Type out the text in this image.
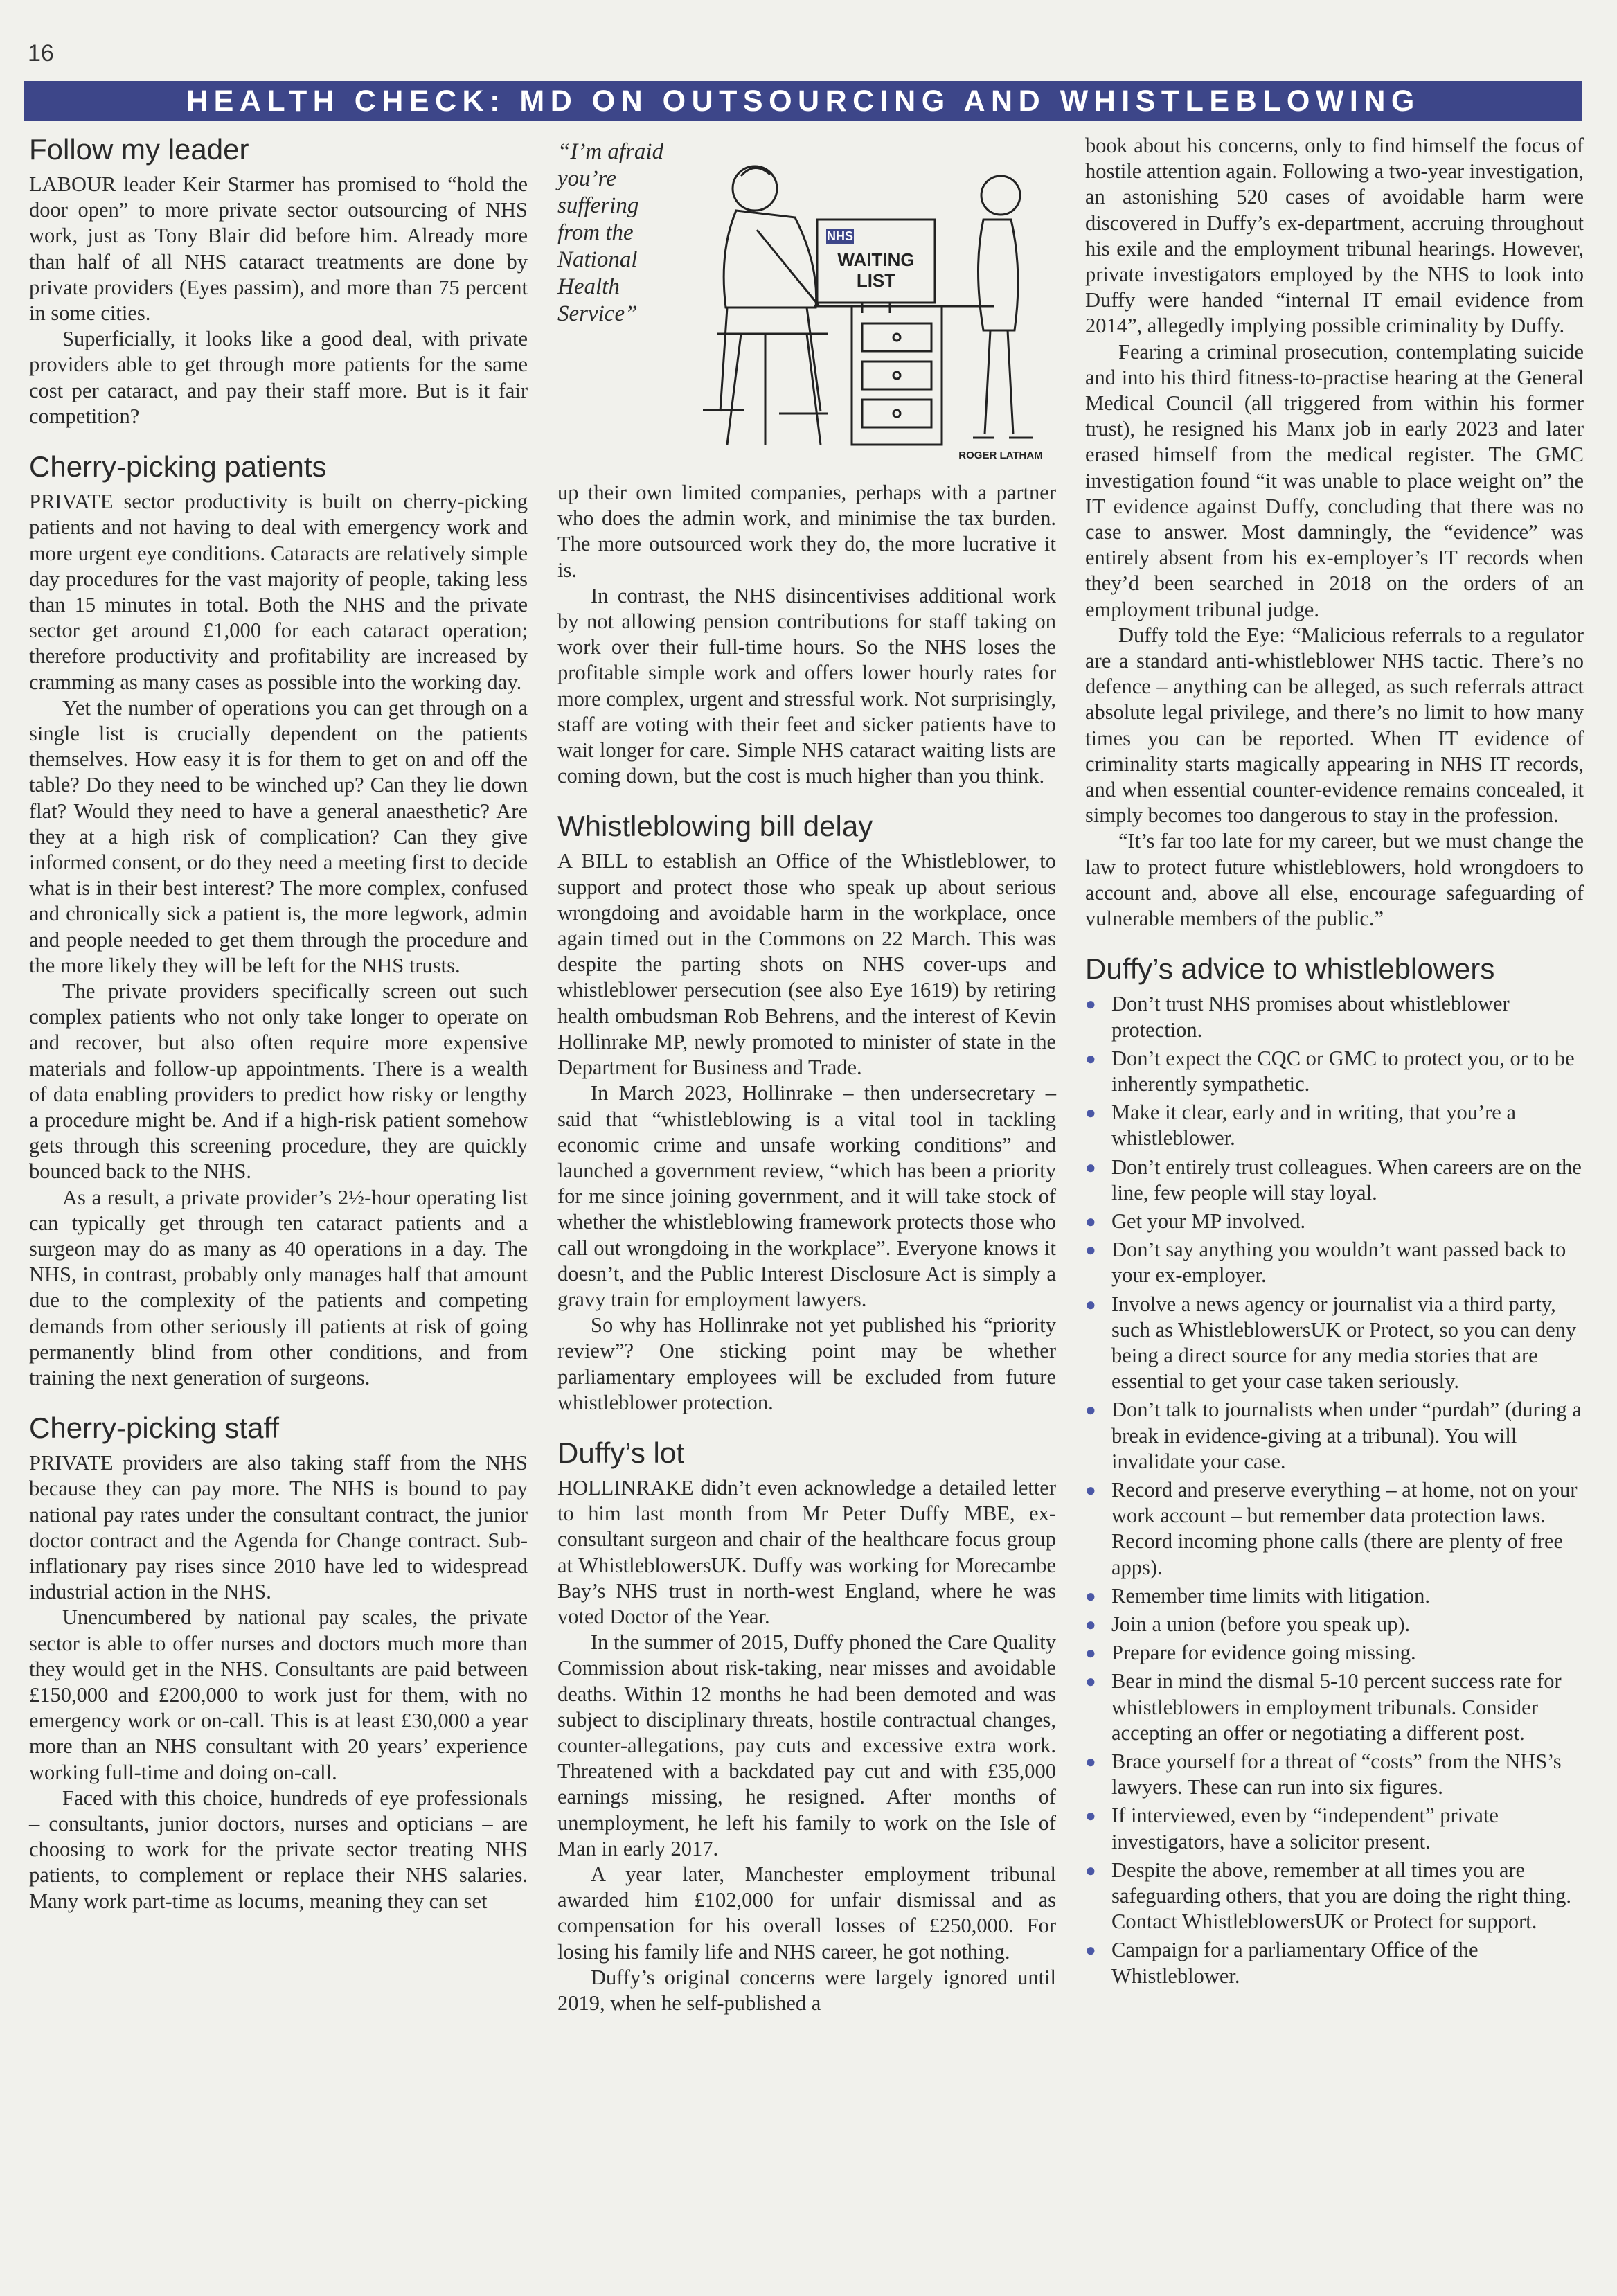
16
HEALTH CHECK: MD ON OUTSOURCING AND WHISTLEBLOWING
Follow my leader

LABOUR leader Keir Starmer has promised to “hold the door open” to more private sector outsourcing of NHS work, just as Tony Blair did before him. Already more than half of all NHS cataract treatments are done by private providers (Eyes passim), and more than 75 percent in some cities.

Superficially, it looks like a good deal, with private providers able to get through more patients for the same cost per cataract, and pay their staff more. But is it fair competition?

Cherry-picking patients

PRIVATE sector productivity is built on cherry-picking patients and not having to deal with emergency work and more urgent eye conditions. Cataracts are relatively simple day procedures for the vast majority of people, taking less than 15 minutes in total. Both the NHS and the private sector get around £1,000 for each cataract operation; therefore productivity and profitability are increased by cramming as many cases as possible into the working day.

Yet the number of operations you can get through on a single list is crucially dependent on the patients themselves. How easy it is for them to get on and off the table? Do they need to be winched up? Can they lie down flat? Would they need to have a general anaesthetic? Are they at a high risk of complication? Can they give informed consent, or do they need a meeting first to decide what is in their best interest? The more complex, confused and chronically sick a patient is, the more legwork, admin and people needed to get them through the procedure and the more likely they will be left for the NHS trusts.

The private providers specifically screen out such complex patients who not only take longer to operate on and recover, but also often require more expensive materials and follow-up appointments. There is a wealth of data enabling providers to predict how risky or lengthy a procedure might be. And if a high-risk patient somehow gets through this screening procedure, they are quickly bounced back to the NHS.

As a result, a private provider’s 2½-hour operating list can typically get through ten cataract patients and a surgeon may do as many as 40 operations in a day. The NHS, in contrast, probably only manages half that amount due to the complexity of the patients and competing demands from other seriously ill patients at risk of going permanently blind from other conditions, and from training the next generation of surgeons.

Cherry-picking staff

PRIVATE providers are also taking staff from the NHS because they can pay more. The NHS is bound to pay national pay rates under the consultant contract, the junior doctor contract and the Agenda for Change contract. Sub-inflationary pay rises since 2010 have led to widespread industrial action in the NHS.

Unencumbered by national pay scales, the private sector is able to offer nurses and doctors much more than they would get in the NHS. Consultants are paid between £150,000 and £200,000 to work just for them, with no emergency work or on-call. This is at least £30,000 a year more than an NHS consultant with 20 years’ experience working full-time and doing on-call.

Faced with this choice, hundreds of eye professionals – consultants, junior doctors, nurses and opticians – are choosing to work for the private sector treating NHS patients, to complement or replace their NHS salaries. Many work part-time as locums, meaning they can set

“I’m afraid you’re suffering from the National Health Service”
NHS
WAITING
LIST
ROGER LATHAM

up their own limited companies, perhaps with a partner who does the admin work, and minimise the tax burden. The more outsourced work they do, the more lucrative it is.

In contrast, the NHS disincentivises additional work by not allowing pension contributions for staff taking on work over their full-time hours. So the NHS loses the profitable simple work and offers lower hourly rates for more complex, urgent and stressful work. Not surprisingly, staff are voting with their feet and sicker patients have to wait longer for care. Simple NHS cataract waiting lists are coming down, but the cost is much higher than you think.

Whistleblowing bill delay

A BILL to establish an Office of the Whistleblower, to support and protect those who speak up about serious wrongdoing and avoidable harm in the workplace, once again timed out in the Commons on 22 March. This was despite the parting shots on NHS cover-ups and whistleblower persecution (see also Eye 1619) by retiring health ombudsman Rob Behrens, and the interest of Kevin Hollinrake MP, newly promoted to minister of state in the Department for Business and Trade.

In March 2023, Hollinrake – then undersecretary – said that “whistleblowing is a vital tool in tackling economic crime and unsafe working conditions” and launched a government review, “which has been a priority for me since joining government, and it will take stock of whether the whistleblowing framework protects those who call out wrongdoing in the workplace”. Everyone knows it doesn’t, and the Public Interest Disclosure Act is simply a gravy train for employment lawyers.

So why has Hollinrake not yet published his “priority review”? One sticking point may be whether parliamentary employees will be excluded from future whistleblower protection.

Duffy’s lot

HOLLINRAKE didn’t even acknowledge a detailed letter to him last month from Mr Peter Duffy MBE, ex-consultant surgeon and chair of the healthcare focus group at WhistleblowersUK. Duffy was working for Morecambe Bay’s NHS trust in north-west England, where he was voted Doctor of the Year.

In the summer of 2015, Duffy phoned the Care Quality Commission about risk-taking, near misses and avoidable deaths. Within 12 months he had been demoted and was subject to disciplinary threats, hostile contractual changes, counter-allegations, pay cuts and excessive extra work. Threatened with a backdated pay cut and with £35,000 earnings missing, he resigned. After months of unemployment, he left his family to work on the Isle of Man in early 2017.

A year later, Manchester employment tribunal awarded him £102,000 for unfair dismissal and as compensation for his overall losses of £250,000. For losing his family life and NHS career, he got nothing.

Duffy’s original concerns were largely ignored until 2019, when he self-published a

book about his concerns, only to find himself the focus of hostile attention again. Following a two-year investigation, an astonishing 520 cases of avoidable harm were discovered in Duffy’s ex-department, accruing throughout his exile and the employment tribunal hearings. However, private investigators employed by the NHS to look into Duffy were handed “internal IT email evidence from 2014”, allegedly implying possible criminality by Duffy.

Fearing a criminal prosecution, contemplating suicide and into his third fitness-to-practise hearing at the General Medical Council (all triggered from within his former trust), he resigned his Manx job in early 2023 and later erased himself from the medical register. The GMC investigation found “it was unable to place weight on” the IT evidence against Duffy, concluding that there was no case to answer. Most damningly, the “evidence” was entirely absent from his ex-employer’s IT records when they’d been searched in 2018 on the orders of an employment tribunal judge.

Duffy told the Eye: “Malicious referrals to a regulator are a standard anti-whistleblower NHS tactic. There’s no defence – anything can be alleged, as such referrals attract absolute legal privilege, and there’s no limit to how many times you can be reported. When IT evidence of criminality starts magically appearing in NHS IT records, and when essential counter-evidence remains concealed, it simply becomes too dangerous to stay in the profession.

“It’s far too late for my career, but we must change the law to protect future whistleblowers, hold wrongdoers to account and, above all else, encourage safeguarding of vulnerable members of the public.”

Duffy’s advice to whistleblowers
● Don’t trust NHS promises about whistleblower protection.
● Don’t expect the CQC or GMC to protect you, or to be inherently sympathetic.
● Make it clear, early and in writing, that you’re a whistleblower.
● Don’t entirely trust colleagues. When careers are on the line, few people will stay loyal.
● Get your MP involved.
● Don’t say anything you wouldn’t want passed back to your ex-employer.
● Involve a news agency or journalist via a third party, such as WhistleblowersUK or Protect, so you can deny being a direct source for any media stories that are essential to get your case taken seriously.
● Don’t talk to journalists when under “purdah” (during a break in evidence-giving at a tribunal). You will invalidate your case.
● Record and preserve everything – at home, not on your work account – but remember data protection laws. Record incoming phone calls (there are plenty of free apps).
● Remember time limits with litigation.
● Join a union (before you speak up).
● Prepare for evidence going missing.
● Bear in mind the dismal 5-10 percent success rate for whistleblowers in employment tribunals. Consider accepting an offer or negotiating a different post.
● Brace yourself for a threat of “costs” from the NHS’s lawyers. These can run into six figures.
● If interviewed, even by “independent” private investigators, have a solicitor present.
● Despite the above, remember at all times you are safeguarding others, that you are doing the right thing. Contact WhistleblowersUK or Protect for support.
● Campaign for a parliamentary Office of the Whistleblower.
